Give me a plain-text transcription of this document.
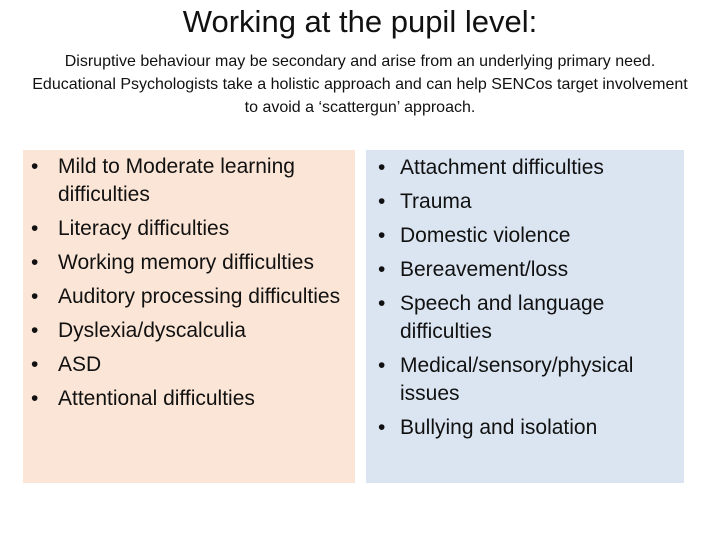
Working at the pupil level:
Disruptive behaviour may be secondary and arise from an underlying primary need. Educational Psychologists take a holistic approach and can help SENCos target involvement to avoid a ‘scattergun’ approach.
• Mild to Moderate learning difficulties
• Literacy difficulties
• Working memory difficulties
• Auditory processing difficulties
• Dyslexia/dyscalculia
• ASD
• Attentional difficulties
• Attachment difficulties
• Trauma
• Domestic violence
• Bereavement/loss
• Speech and language difficulties
• Medical/sensory/physical issues
• Bullying and isolation
